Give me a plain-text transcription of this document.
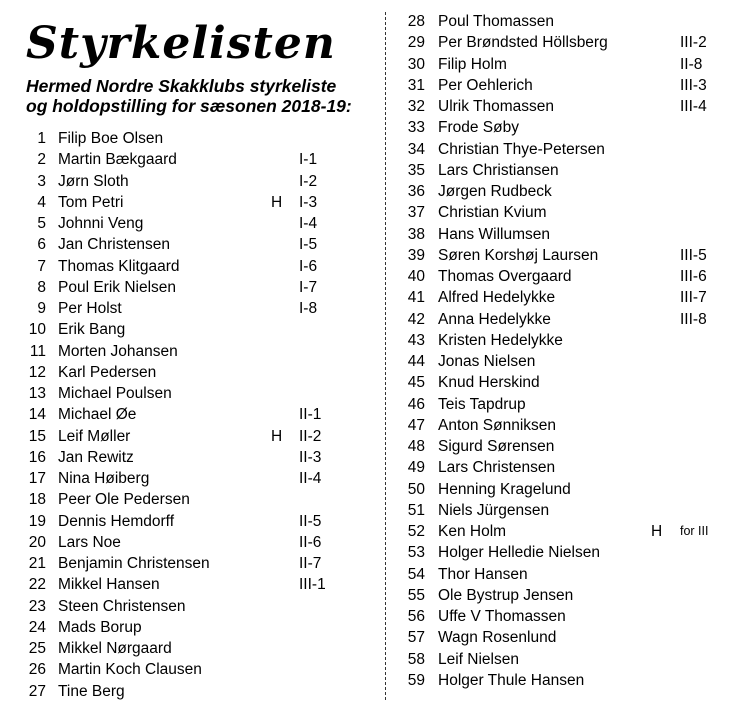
Styrkelisten
Hermed Nordre Skakklubs styrkeliste
og holdopstilling for sæsonen 2018-19:
1 Filip Boe Olsen
2 Martin Bækgaard	I-1
3 Jørn Sloth	I-2
4 Tom Petri	H I-3
5 Johnni Veng	I-4
6 Jan Christensen	I-5
7 Thomas Klitgaard	I-6
8 Poul Erik Nielsen	I-7
9 Per Holst	I-8
10 Erik Bang
11 Morten Johansen
12 Karl Pedersen
13 Michael Poulsen
14 Michael Øe	II-1
15 Leif Møller	H II-2
16 Jan Rewitz	II-3
17 Nina Høiberg	II-4
18 Peer Ole Pedersen
19 Dennis Hemdorff	II-5
20 Lars Noe	II-6
21 Benjamin Christensen	II-7
22 Mikkel Hansen	III-1
23 Steen Christensen
24 Mads Borup
25 Mikkel Nørgaard
26 Martin Koch Clausen
27 Tine Berg
28 Poul Thomassen
29 Per Brøndsted Höllsberg	III-2
30 Filip Holm	II-8
31 Per Oehlerich	III-3
32 Ulrik Thomassen	III-4
33 Frode Søby
34 Christian Thye-Petersen
35 Lars Christiansen
36 Jørgen Rudbeck
37 Christian Kvium
38 Hans Willumsen
39 Søren Korshøj Laursen	III-5
40 Thomas Overgaard	III-6
41 Alfred Hedelykke	III-7
42 Anna Hedelykke	III-8
43 Kristen Hedelykke
44 Jonas Nielsen
45 Knud Herskind
46 Teis Tapdrup
47 Anton Sønniksen
48 Sigurd Sørensen
49 Lars Christensen
50 Henning Kragelund
51 Niels Jürgensen
52 Ken Holm	H for III
53 Holger Helledie Nielsen
54 Thor Hansen
55 Ole Bystrup Jensen
56 Uffe V Thomassen
57 Wagn Rosenlund
58 Leif Nielsen
59 Holger Thule Hansen
